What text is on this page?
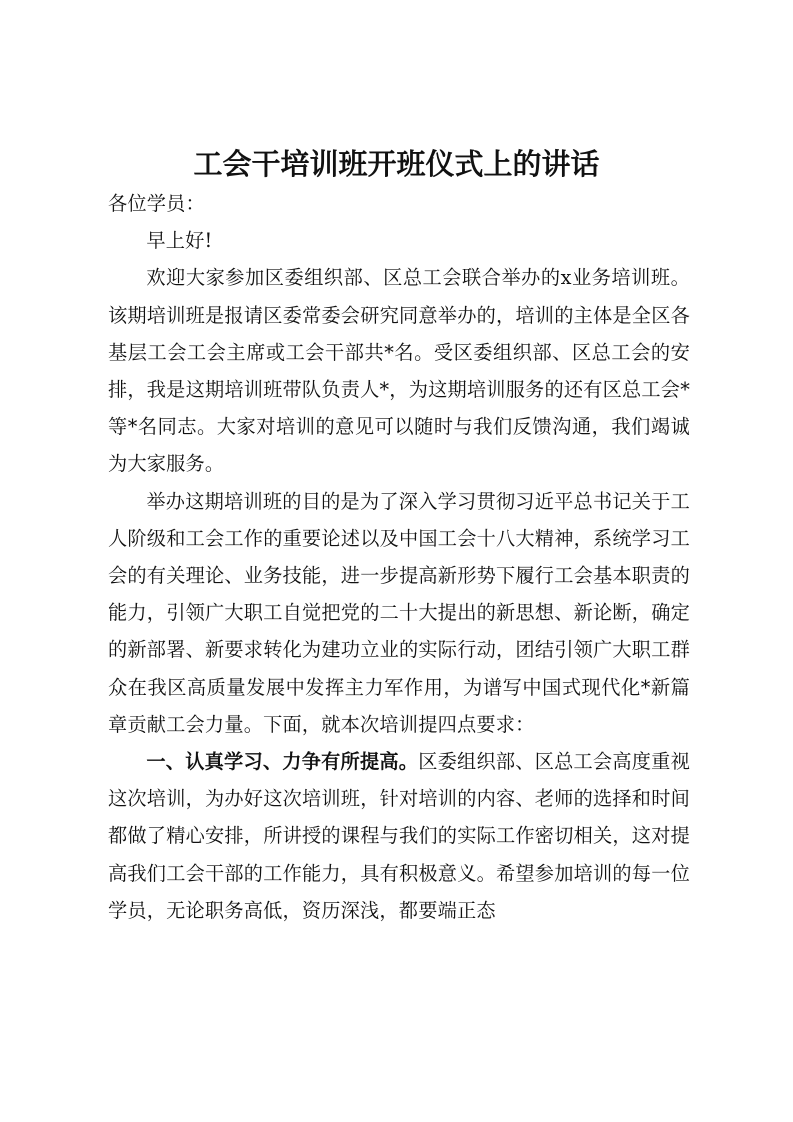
工会干培训班开班仪式上的讲话

各位学员：

早上好!

欢迎大家参加区委组织部、区总工会联合举办的x业务培训班。该期培训班是报请区委常委会研究同意举办的，培训的主体是全区各基层工会工会主席或工会干部共*名。受区委组织部、区总工会的安排，我是这期培训班带队负责人*，为这期培训服务的还有区总工会*等*名同志。大家对培训的意见可以随时与我们反馈沟通，我们竭诚为大家服务。

举办这期培训班的目的是为了深入学习贯彻习近平总书记关于工人阶级和工会工作的重要论述以及中国工会十八大精神，系统学习工会的有关理论、业务技能，进一步提高新形势下履行工会基本职责的能力，引领广大职工自觉把党的二十大提出的新思想、新论断，确定的新部署、新要求转化为建功立业的实际行动，团结引领广大职工群众在我区高质量发展中发挥主力军作用，为谱写中国式现代化*新篇章贡献工会力量。下面，就本次培训提四点要求：

一、认真学习、力争有所提高。区委组织部、区总工会高度重视这次培训，为办好这次培训班，针对培训的内容、老师的选择和时间都做了精心安排，所讲授的课程与我们的实际工作密切相关，这对提高我们工会干部的工作能力，具有积极意义。希望参加培训的每一位学员，无论职务高低，资历深浅，都要端正态
